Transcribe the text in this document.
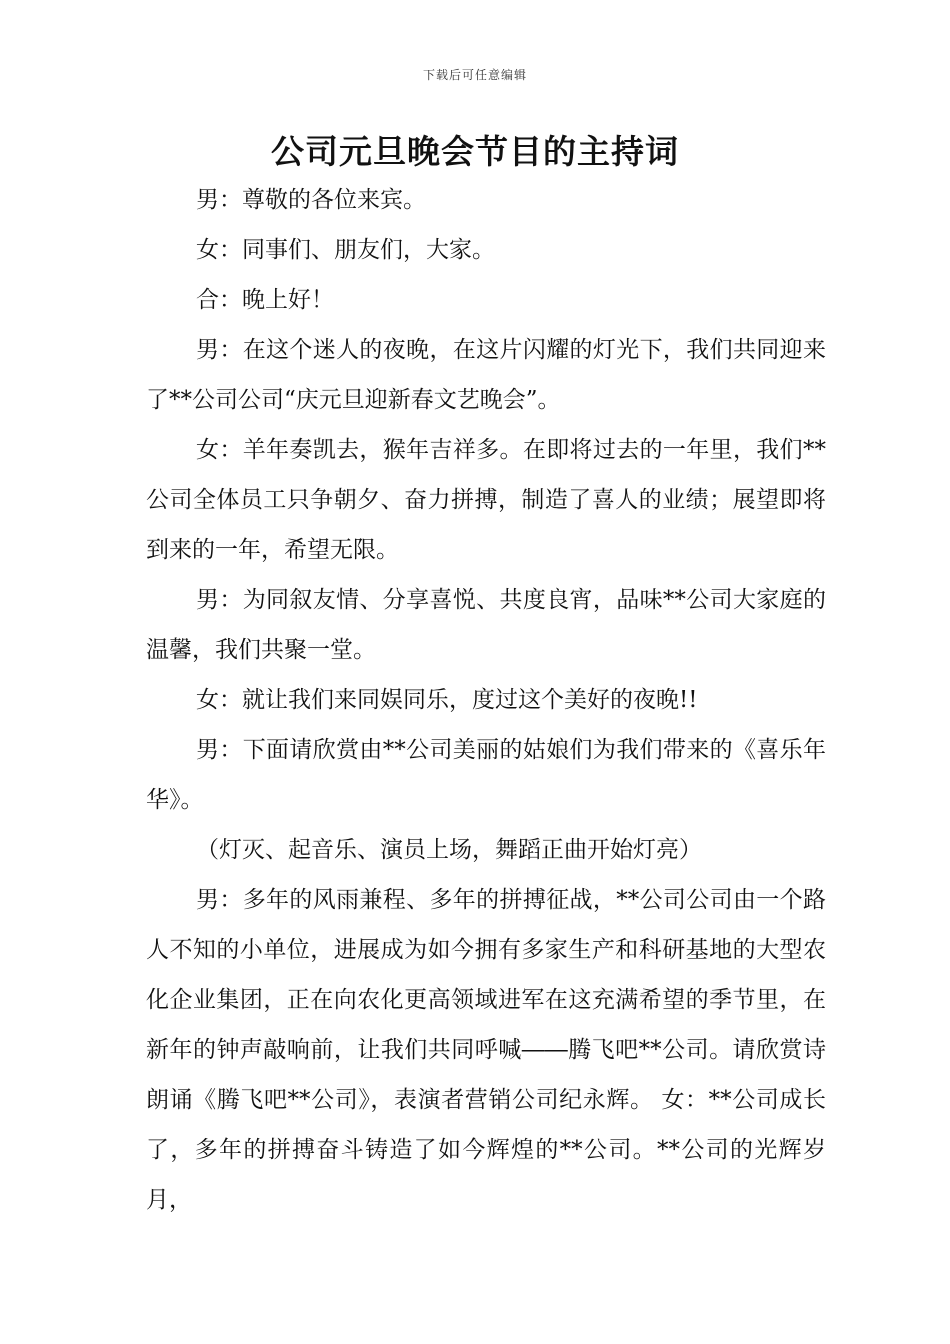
下载后可任意编辑
公司元旦晚会节目的主持词

男：尊敬的各位来宾。

女：同事们、朋友们，大家。

合：晚上好！

男：在这个迷人的夜晚，在这片闪耀的灯光下，我们共同迎来了**公司公司“庆元旦迎新春文艺晚会”。

女：羊年奏凯去，猴年吉祥多。在即将过去的一年里，我们**公司全体员工只争朝夕、奋力拼搏，制造了喜人的业绩；展望即将到来的一年，希望无限。

男：为同叙友情、分享喜悦、共度良宵，品味**公司大家庭的温馨，我们共聚一堂。

女：就让我们来同娱同乐，度过这个美好的夜晚!!

男：下面请欣赏由**公司美丽的姑娘们为我们带来的《喜乐年华》。

（灯灭、起音乐、演员上场，舞蹈正曲开始灯亮）

男：多年的风雨兼程、多年的拼搏征战，**公司公司由一个路人不知的小单位，进展成为如今拥有多家生产和科研基地的大型农化企业集团，正在向农化更高领域进军在这充满希望的季节里，在新年的钟声敲响前，让我们共同呼喊――腾飞吧**公司。请欣赏诗朗诵《腾飞吧**公司》，表演者营销公司纪永辉。 女：**公司成长了，多年的拼搏奋斗铸造了如今辉煌的**公司。**公司的光辉岁月，
